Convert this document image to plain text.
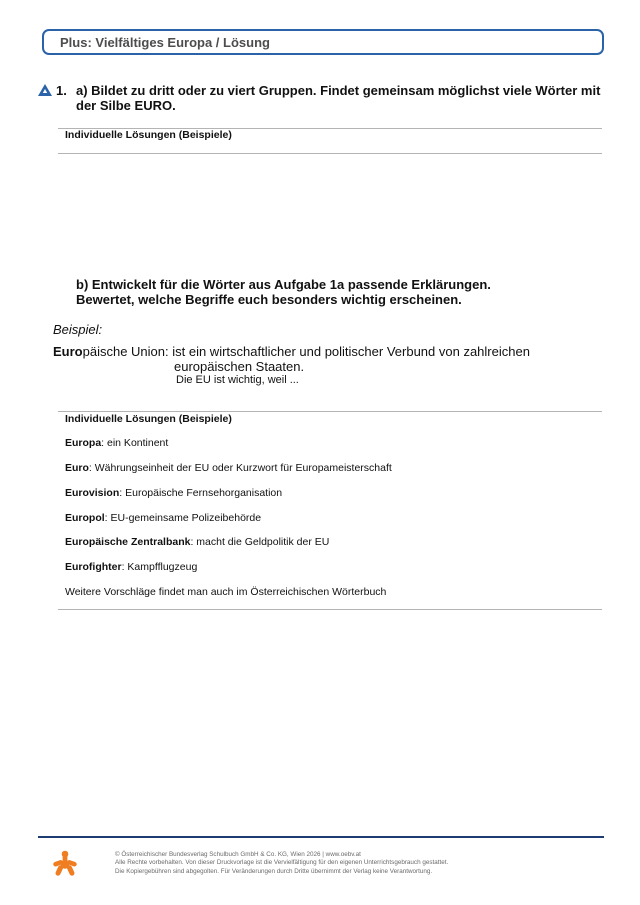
Plus: Vielfältiges Europa / Lösung
1. a) Bildet zu dritt oder zu viert Gruppen. Findet gemeinsam möglichst viele Wörter mit der Silbe EURO.
Individuelle Lösungen (Beispiele)
b) Entwickelt für die Wörter aus Aufgabe 1a passende Erklärungen.
Bewertet, welche Begriffe euch besonders wichtig erscheinen.
Beispiel:
Europäische Union: ist ein wirtschaftlicher und politischer Verbund von zahlreichen
europäischen Staaten.
Die EU ist wichtig, weil ...
Individuelle Lösungen (Beispiele)
Europa: ein Kontinent
Euro: Währungseinheit der EU oder Kurzwort für Europameisterschaft
Eurovision: Europäische Fernsehorganisation
Europol: EU-gemeinsame Polizeibehörde
Europäische Zentralbank: macht die Geldpolitik der EU
Eurofighter: Kampfflugzeug
Weitere Vorschläge findet man auch im Österreichischen Wörterbuch
© Österreichischer Bundesverlag Schulbuch GmbH & Co. KG, Wien 2026 | www.oebv.at
Alle Rechte vorbehalten. Von dieser Druckvorlage ist die Vervielfältigung für den eigenen Unterrichtsgebrauch gestattet.
Die Kopiergebühren sind abgegolten. Für Veränderungen durch Dritte übernimmt der Verlag keine Verantwortung.
